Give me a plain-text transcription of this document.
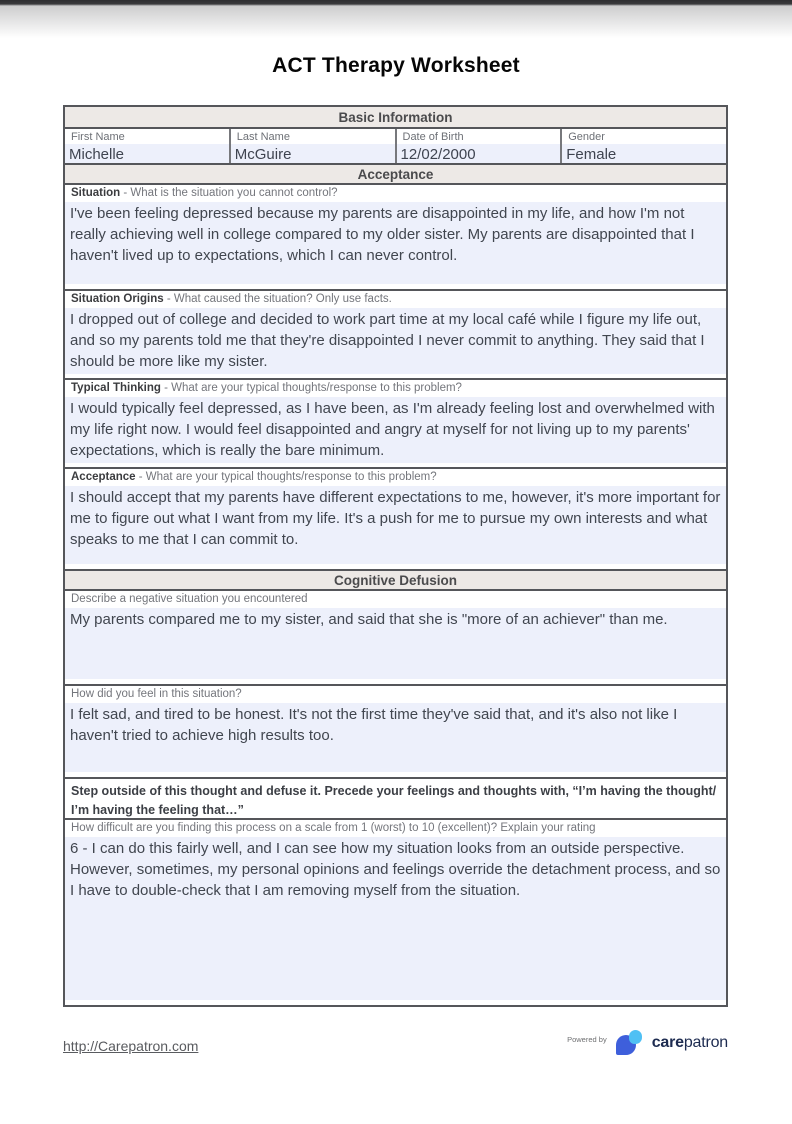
ACT Therapy Worksheet
Basic Information
First Name
Michelle
Last Name
McGuire
Date of Birth
12/02/2000
Gender
Female
Acceptance
Situation - What is the situation you cannot control?
I've been feeling depressed because my parents are disappointed in my life, and how I'm not really achieving well in college compared to my older sister. My parents are disappointed that I haven't lived up to expectations, which I can never control.
Situation Origins - What caused the situation? Only use facts.
I dropped out of college and decided to work part time at my local café while I figure my life out, and so my parents told me that they're disappointed I never commit to anything. They said that I should be more like my sister.
Typical Thinking - What are your typical thoughts/response to this problem?
I would typically feel depressed, as I have been, as I'm already feeling lost and overwhelmed with my life right now. I would feel disappointed and angry at myself for not living up to my parents' expectations, which is really the bare minimum.
Acceptance - What are your typical thoughts/response to this problem?
I should accept that my parents have different expectations to me, however, it's more important for me to figure out what I want from my life. It's a push for me to pursue my own interests and what speaks to me that I can commit to.
Cognitive Defusion
Describe a negative situation you encountered
My parents compared me to my sister, and said that she is "more of an achiever" than me.
How did you feel in this situation?
I felt sad, and tired to be honest. It's not the first time they've said that, and it's also not like I haven't tried to achieve high results too.
Step outside of this thought and defuse it. Precede your feelings and thoughts with, “I’m having the thought/ I’m having the feeling that…”
How difficult are you finding this process on a scale from 1 (worst) to 10 (excellent)? Explain your rating
6 - I can do this fairly well, and I can see how my situation looks from an outside perspective. However, sometimes, my personal opinions and feelings override the detachment process, and so I have to double-check that I am removing myself from the situation.
http://Carepatron.com	Powered by	carepatron
